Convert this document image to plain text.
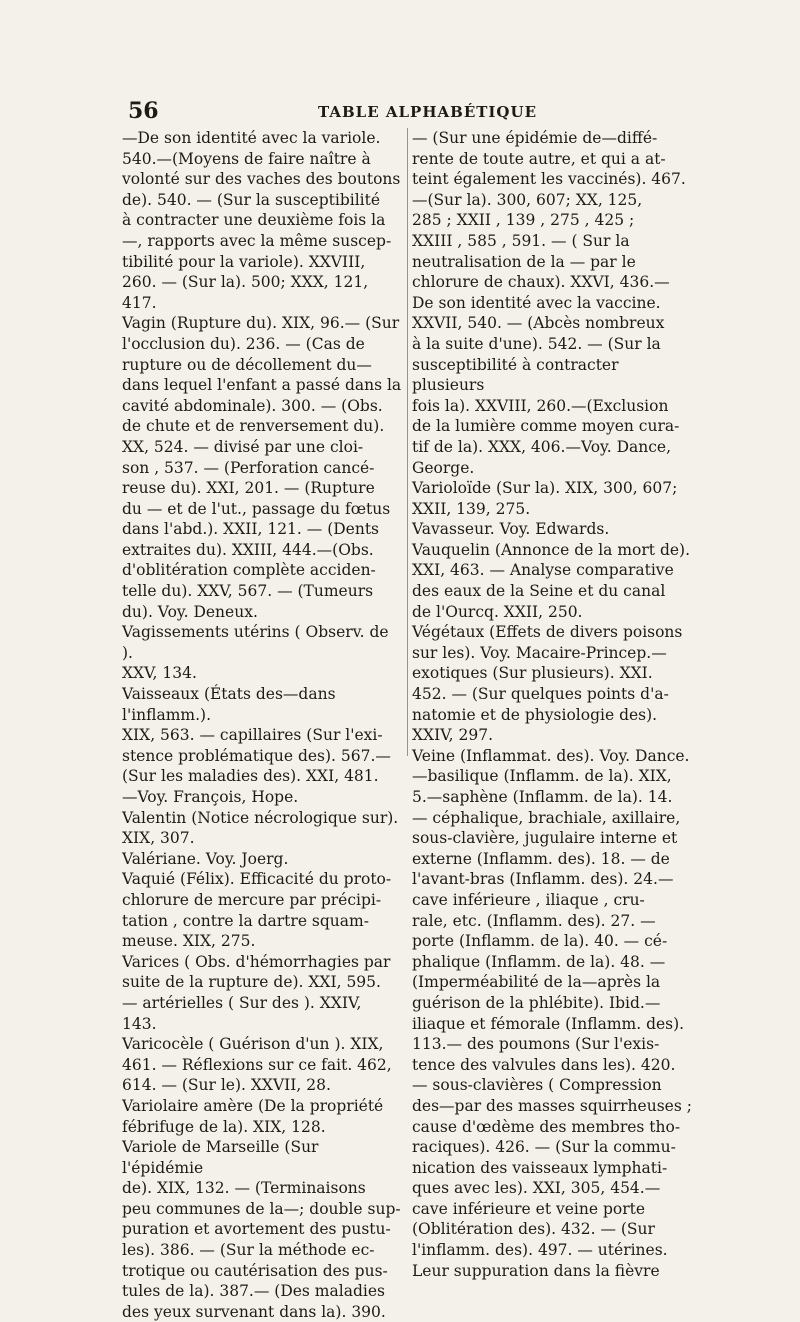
56	TABLE ALPHABÉTIQUE
—De son identité avec la variole.
540.—(Moyens de faire naître à
volonté sur des vaches des boutons
de). 540. — (Sur la susceptibilité
à contracter une deuxième fois la
—, rapports avec la même suscep-
tibilité pour la variole). XXVIII,
260. — (Sur la). 500; XXX, 121,
417.
Vagin (Rupture du). XIX, 96.— (Sur
l'occlusion du). 236. — (Cas de
rupture ou de décollement du—
dans lequel l'enfant a passé dans la
cavité abdominale). 300. — (Obs.
de chute et de renversement du).
XX, 524. — divisé par une cloi-
son , 537. — (Perforation cancé-
reuse du). XXI, 201. — (Rupture
du — et de l'ut., passage du fœtus
dans l'abd.). XXII, 121. — (Dents
extraites du). XXIII, 444.—(Obs.
d'oblitération complète acciden-
telle du). XXV, 567. — (Tumeurs
du). Voy. Deneux.
Vagissements utérins ( Observ. de ).
XXV, 134.
Vaisseaux (États des—dans l'inflamm.).
XIX, 563. — capillaires (Sur l'exi-
stence problématique des). 567.—
(Sur les maladies des). XXI, 481.
—Voy. François, Hope.
Valentin (Notice nécrologique sur).
XIX, 307.
Valériane. Voy. Joerg.
Vaquié (Félix). Efficacité du proto-
chlorure de mercure par précipi-
tation , contre la dartre squam-
meuse. XIX, 275.
Varices ( Obs. d'hémorrhagies par
suite de la rupture de). XXI, 595.
— artérielles ( Sur des ). XXIV,
143.
Varicocèle ( Guérison d'un ). XIX,
461. — Réflexions sur ce fait. 462,
614. — (Sur le). XXVII, 28.
Variolaire amère (De la propriété
fébrifuge de la). XIX, 128.
Variole de Marseille (Sur l'épidémie
de). XIX, 132. — (Terminaisons
peu communes de la—; double sup-
puration et avortement des pustu-
les). 386. — (Sur la méthode ec-
trotique ou cautérisation des pus-
tules de la). 387.— (Des maladies
des yeux survenant dans la). 390.
— (Sur une épidémie de—diffé-
rente de toute autre, et qui a at-
teint également les vaccinés). 467.
—(Sur la). 300, 607; XX, 125,
285 ; XXII , 139 , 275 , 425 ;
XXIII , 585 , 591. — ( Sur la
neutralisation de la — par le
chlorure de chaux). XXVI, 436.—
De son identité avec la vaccine.
XXVII, 540. — (Abcès nombreux
à la suite d'une). 542. — (Sur la
susceptibilité à contracter plusieurs
fois la). XXVIII, 260.—(Exclusion
de la lumière comme moyen cura-
tif de la). XXX, 406.—Voy. Dance,
George.
Varioloïde (Sur la). XIX, 300, 607;
XXII, 139, 275.
Vavasseur. Voy. Edwards.
Vauquelin (Annonce de la mort de).
XXI, 463. — Analyse comparative
des eaux de la Seine et du canal
de l'Ourcq. XXII, 250.
Végétaux (Effets de divers poisons
sur les). Voy. Macaire-Princep.—
exotiques (Sur plusieurs). XXI.
452. — (Sur quelques points d'a-
natomie et de physiologie des).
XXIV, 297.
Veine (Inflammat. des). Voy. Dance.
—basilique (Inflamm. de la). XIX,
5.—saphène (Inflamm. de la). 14.
— céphalique, brachiale, axillaire,
sous-clavière, jugulaire interne et
externe (Inflamm. des). 18. — de
l'avant-bras (Inflamm. des). 24.—
cave inférieure , iliaque , cru-
rale, etc. (Inflamm. des). 27. —
porte (Inflamm. de la). 40. — cé-
phalique (Inflamm. de la). 48. —
(Imperméabilité de la—après la
guérison de la phlébite). Ibid.—
iliaque et fémorale (Inflamm. des).
113.— des poumons (Sur l'exis-
tence des valvules dans les). 420.
— sous-clavières ( Compression
des—par des masses squirrheuses ;
cause d'œdème des membres tho-
raciques). 426. — (Sur la commu-
nication des vaisseaux lymphati-
ques avec les). XXI, 305, 454.—
cave inférieure et veine porte
(Oblitération des). 432. — (Sur
l'inflamm. des). 497. — utérines.
Leur suppuration dans la fièvre
